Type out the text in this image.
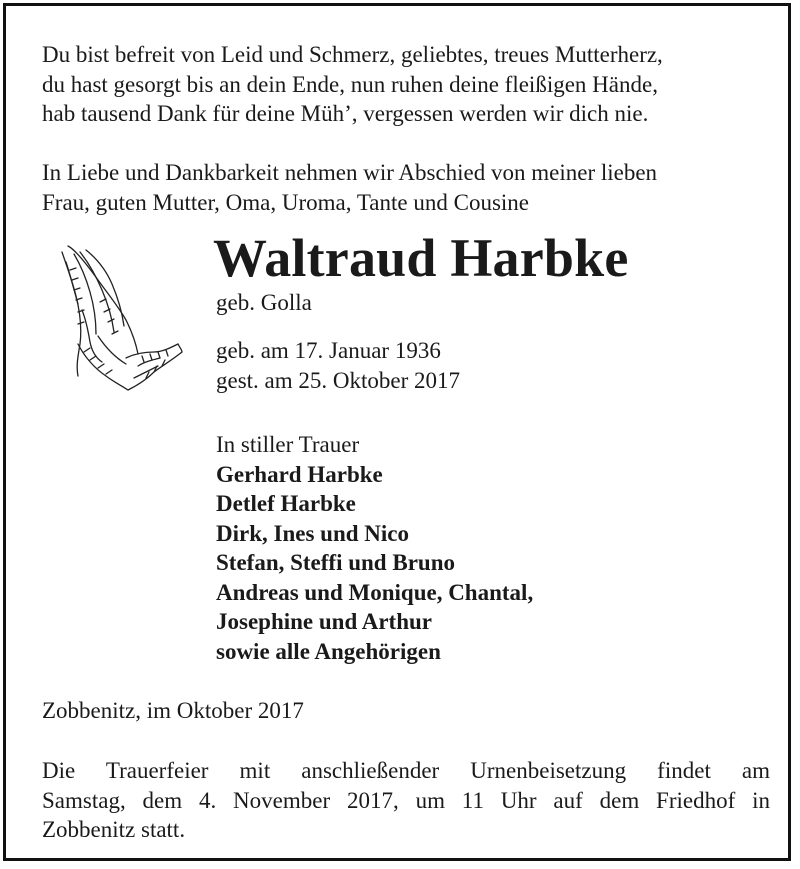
Du bist befreit von Leid und Schmerz, geliebtes, treues Mutterherz,
du hast gesorgt bis an dein Ende, nun ruhen deine fleißigen Hände,
hab tausend Dank für deine Müh’, vergessen werden wir dich nie.
In Liebe und Dankbarkeit nehmen wir Abschied von meiner lieben
Frau, guten Mutter, Oma, Uroma, Tante und Cousine
Waltraud Harbke
geb. Golla
geb. am 17. Januar 1936
gest. am 25. Oktober 2017
In stiller Trauer
Gerhard Harbke
Detlef Harbke
Dirk, Ines und Nico
Stefan, Steffi und Bruno
Andreas und Monique, Chantal,
Josephine und Arthur
sowie alle Angehörigen
Zobbenitz, im Oktober 2017
Die Trauerfeier mit anschließender Urnenbeisetzung findet am
Samstag, dem 4. November 2017, um 11 Uhr auf dem Friedhof in
Zobbenitz statt.
